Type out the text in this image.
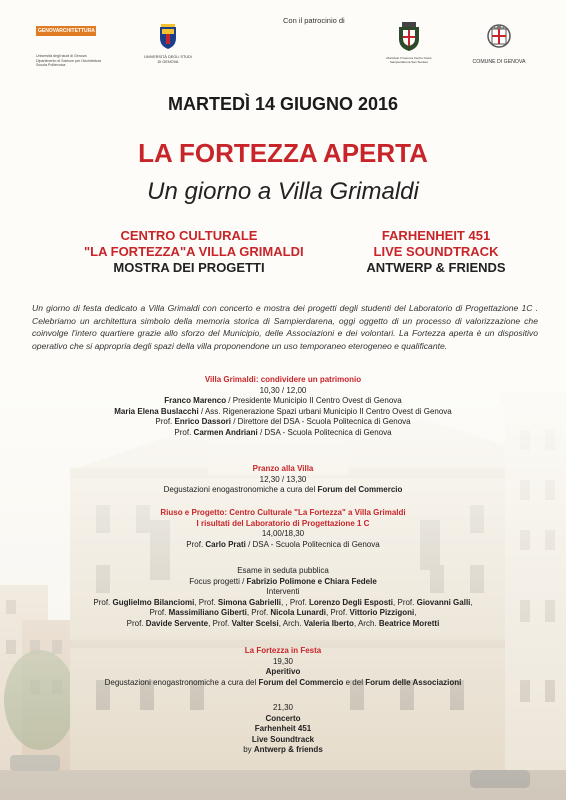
GENOVARCHITETTURA
Università degli studi di Genova
Dipartimento di Scienze per l'Architettura
Scuola Politecnica
UNIVERSITÀ DEGLI STUDI
DI GENOVA
Con il patrocinio di
Municipio II Genova Centro Ovest
Sampierdarena San Teodoro	COMUNE DI GENOVA
MARTEDÌ 14 GIUGNO 2016
LA FORTEZZA APERTA
Un giorno a Villa Grimaldi
CENTRO CULTURALE
"LA FORTEZZA"A VILLA GRIMALDI
MOSTRA DEI PROGETTI
FARHENHEIT 451
LIVE SOUNDTRACK
ANTWERP & FRIENDS
Un giorno di festa dedicato a Villa Grimaldi con concerto e mostra dei progetti degli studenti del Laboratorio di Progettazione 1C . Celebriamo un architettura simbolo della memoria storica di Sampierdarena, oggi oggetto di un processo di valorizzazione che coinvolge l'intero quartiere grazie allo sforzo del Municipio, delle Associazioni e dei volontari. La Fortezza aperta è un dispositivo operativo che si appropria degli spazi della villa proponendone un uso temporaneo eterogeneo e qualificante.
Villa Grimaldi: condividere un patrimonio
10,30 / 12,00
Franco Marenco / Presidente Municipio II Centro Ovest di Genova
Maria Elena Buslacchi / Ass. Rigenerazione Spazi urbani Municipio II Centro Ovest di Genova
Prof. Enrico Dassori / Direttore del DSA - Scuola Politecnica di Genova
Prof. Carmen Andriani / DSA - Scuola Politecnica di Genova
Pranzo alla Villa
12,30 / 13,30
Degustazioni enogastronomiche a cura del Forum del Commercio
Riuso e Progetto: Centro Culturale "La Fortezza" a Villa Grimaldi
I risultati del Laboratorio di Progettazione 1 C
14,00/18,30
Prof. Carlo Prati / DSA - Scuola Politecnica di Genova
Esame in seduta pubblica
Focus progetti / Fabrizio Polimone e Chiara Fedele
Interventi
Prof. Guglielmo Bilanciomi, Prof. Simona Gabrielli, , Prof. Lorenzo Degli Esposti, Prof. Giovanni Galli,
Prof. Massimiliano Giberti, Prof. Nicola Lunardi, Prof. Vittorio Pizzigoni,
Prof. Davide Servente, Prof. Valter Scelsi, Arch. Valeria Iberto, Arch. Beatrice Moretti
La Fortezza in Festa
19,30
Aperitivo
Degustazioni enogastronomiche a cura del Forum del Commercio e del Forum delle Associazioni
21,30
Concerto
Farhenheit 451
Live Soundtrack
by Antwerp & friends
